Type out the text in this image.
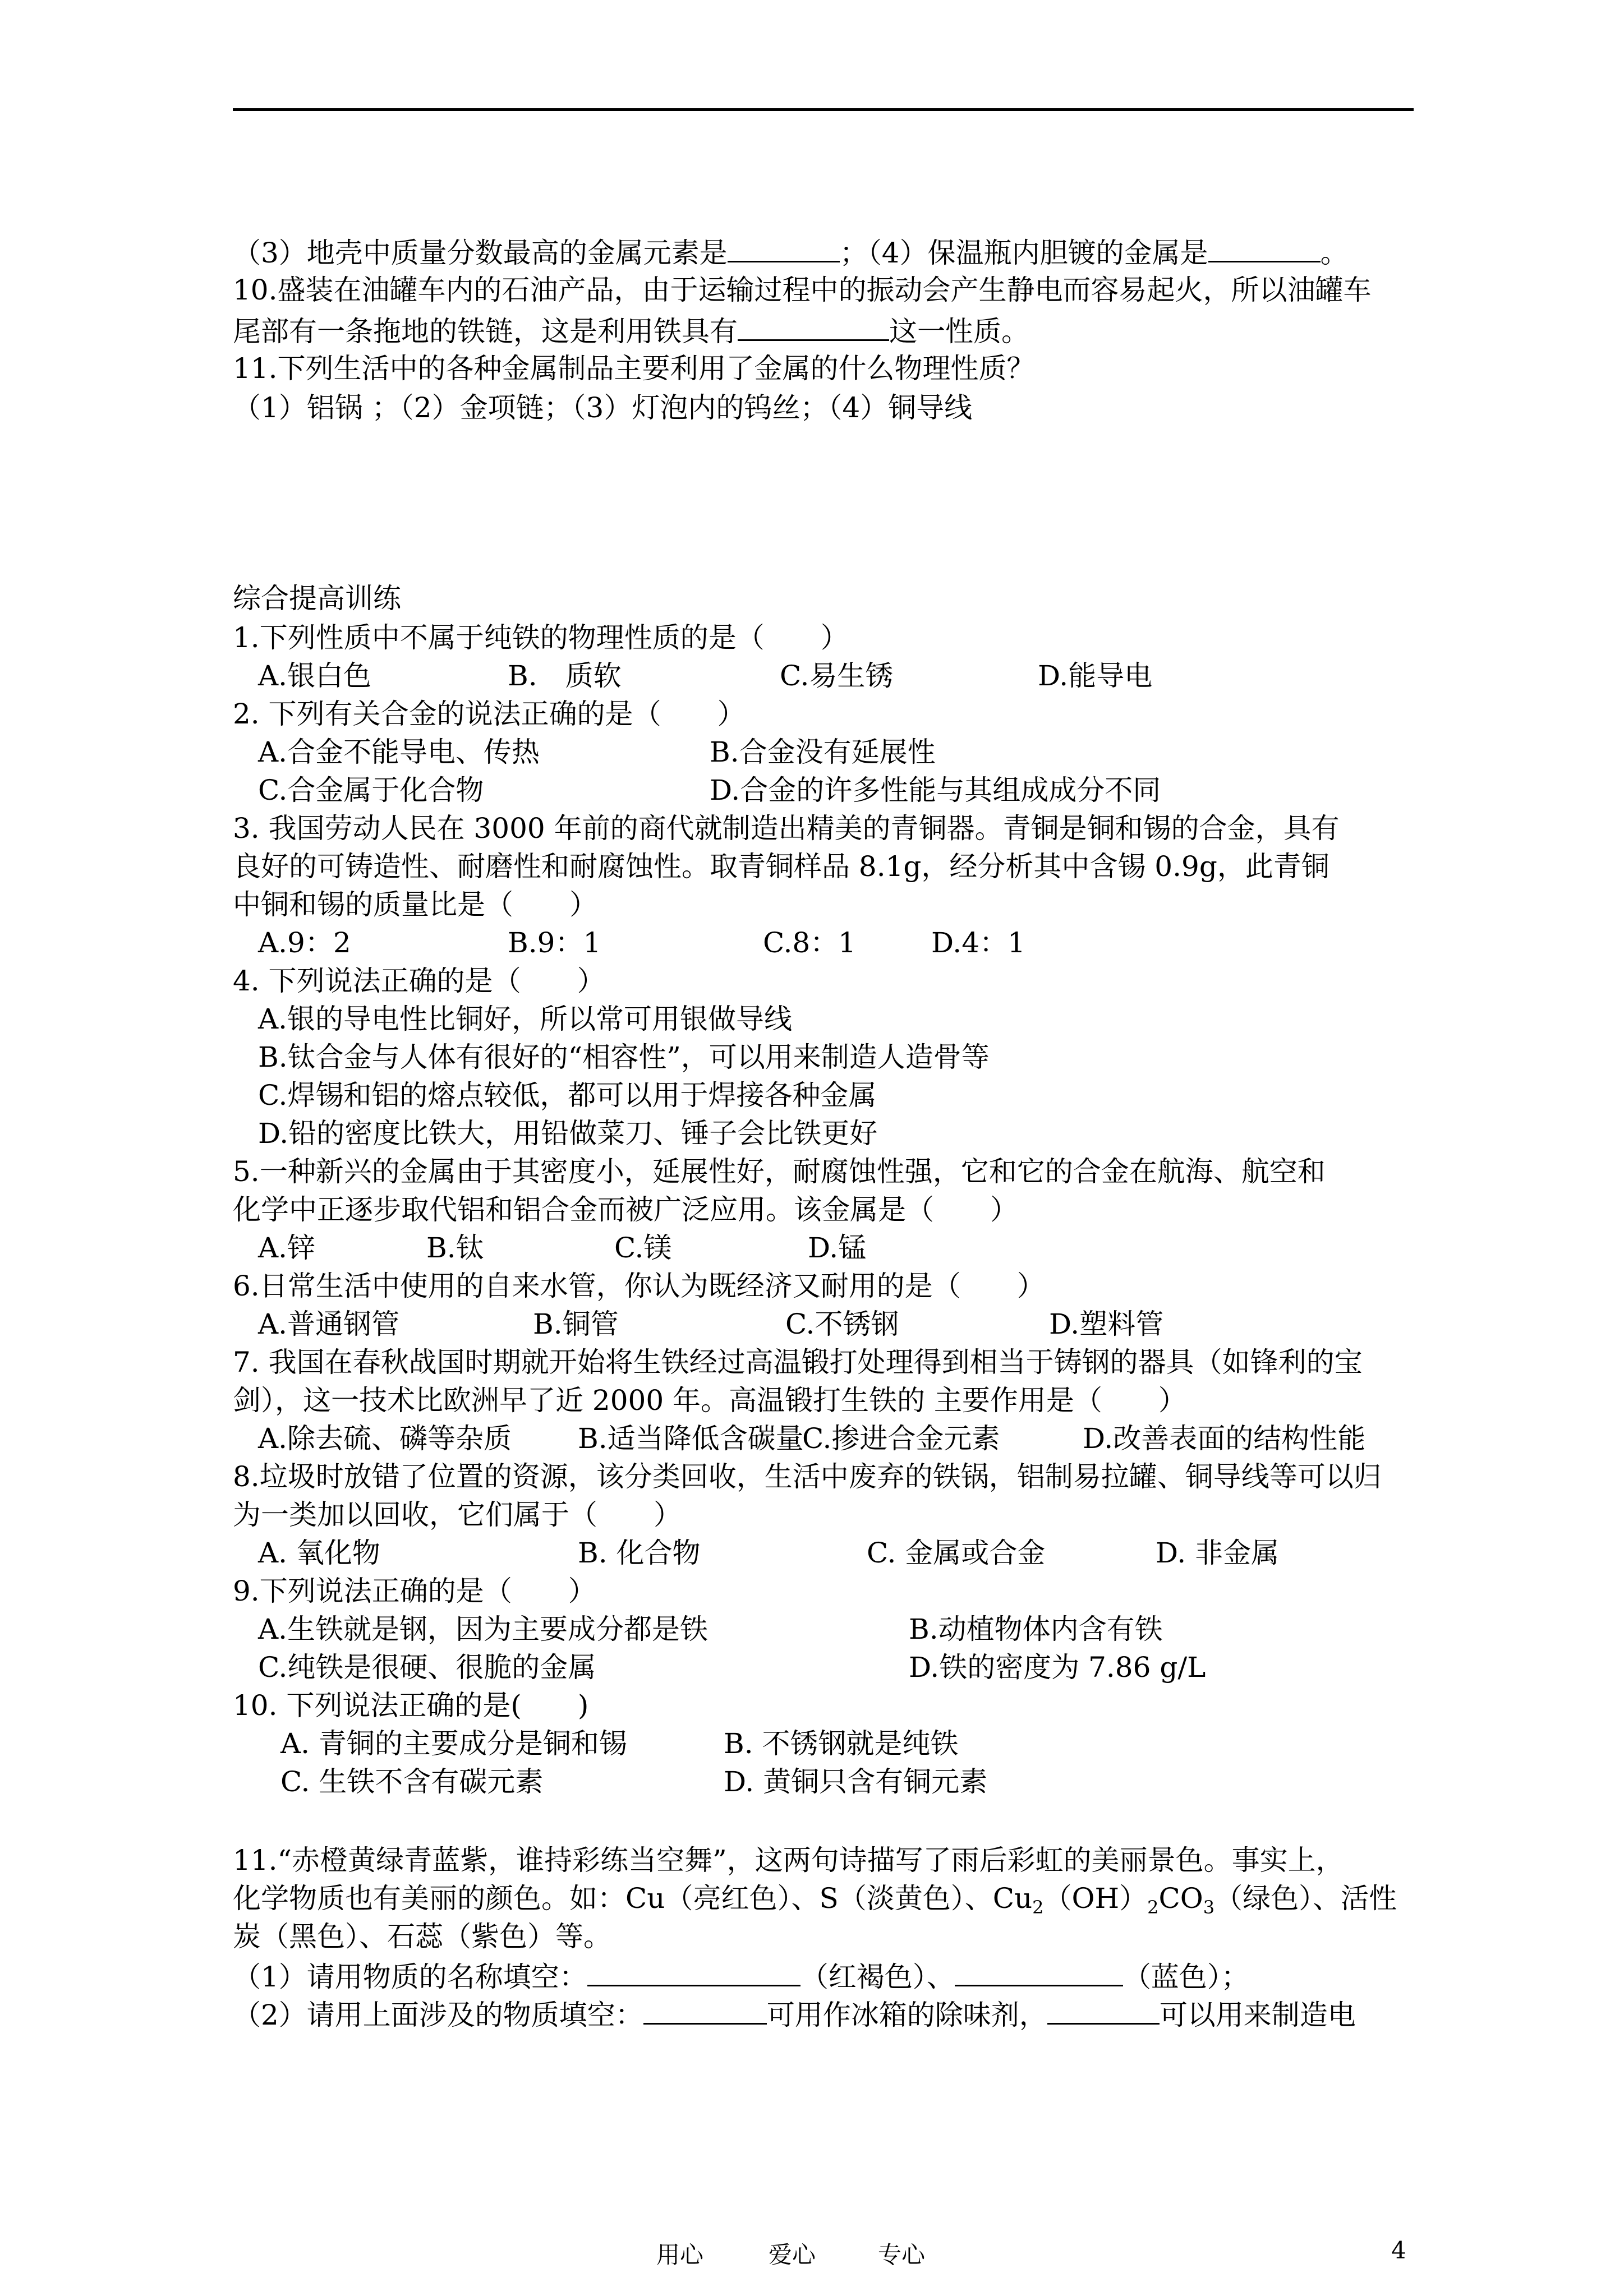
（3）地壳中质量分数最高的金属元素是	；（4）保温瓶内胆镀的金属是	。
10.盛装在油罐车内的石油产品，由于运输过程中的振动会产生静电而容易起火，所以油罐车
尾部有一条拖地的铁链，这是利用铁具有	这一性质。
11.下列生活中的各种金属制品主要利用了金属的什么物理性质？
（1）铝锅 ；（2）金项链；（3）灯泡内的钨丝；（4）铜导线
综合提高训练
1.下列性质中不属于纯铁的物理性质的是（　　）
A.银白色	B.　质软	C.易生锈	D.能导电
2. 下列有关合金的说法正确的是（　　）
A.合金不能导电、传热	B.合金没有延展性
C.合金属于化合物	D.合金的许多性能与其组成成分不同
3. 我国劳动人民在 3000 年前的商代就制造出精美的青铜器。青铜是铜和锡的合金，具有
良好的可铸造性、耐磨性和耐腐蚀性。取青铜样品 8.1g，经分析其中含锡 0.9g，此青铜
中铜和锡的质量比是（　　）
A.9：2	B.9：1	C.8：1	D.4：1
4. 下列说法正确的是（　　）
A.银的导电性比铜好，所以常可用银做导线
B.钛合金与人体有很好的“相容性”，可以用来制造人造骨等
C.焊锡和铝的熔点较低，都可以用于焊接各种金属
D.铅的密度比铁大，用铅做菜刀、锤子会比铁更好
5.一种新兴的金属由于其密度小，延展性好，耐腐蚀性强，它和它的合金在航海、航空和
化学中正逐步取代铝和铝合金而被广泛应用。该金属是（　　）
A.锌	B.钛	C.镁	D.锰
6.日常生活中使用的自来水管，你认为既经济又耐用的是（　　）
A.普通钢管	B.铜管	C.不锈钢	D.塑料管
7. 我国在春秋战国时期就开始将生铁经过高温锻打处理得到相当于铸钢的器具（如锋利的宝
剑），这一技术比欧洲早了近 2000 年。高温锻打生铁的 主要作用是（　　）
A.除去硫、磷等杂质 B.适当降低含碳量
C.掺进合金元素	D.改善表面的结构性能
8.垃圾时放错了位置的资源，该分类回收，生活中废弃的铁锅，铝制易拉罐、铜导线等可以归
为一类加以回收，它们属于（　　）
A. 氧化物	B. 化合物	C. 金属或合金	D. 非金属
9.下列说法正确的是（　　）
A.生铁就是钢，因为主要成分都是铁	B.动植物体内含有铁
C.纯铁是很硬、很脆的金属	D.铁的密度为 7.86 g/L
10. 下列说法正确的是(　　)
A. 青铜的主要成分是铜和锡	B. 不锈钢就是纯铁
C. 生铁不含有碳元素	D. 黄铜只含有铜元素
11.“赤橙黄绿青蓝紫，谁持彩练当空舞”，这两句诗描写了雨后彩虹的美丽景色。事实上，
化学物质也有美丽的颜色。如：Cu（亮红色）、S（淡黄色）、$Cu_2(OH)_2CO_3$（绿色）、活性
炭（黑色）、石蕊（紫色）等。
（1）请用物质的名称填空：	（红褐色）、	（蓝色）；
（2）请用上面涉及的物质填空：	可用作冰箱的除味剂，	可以用来制造电
用心	爱心	专心	4
